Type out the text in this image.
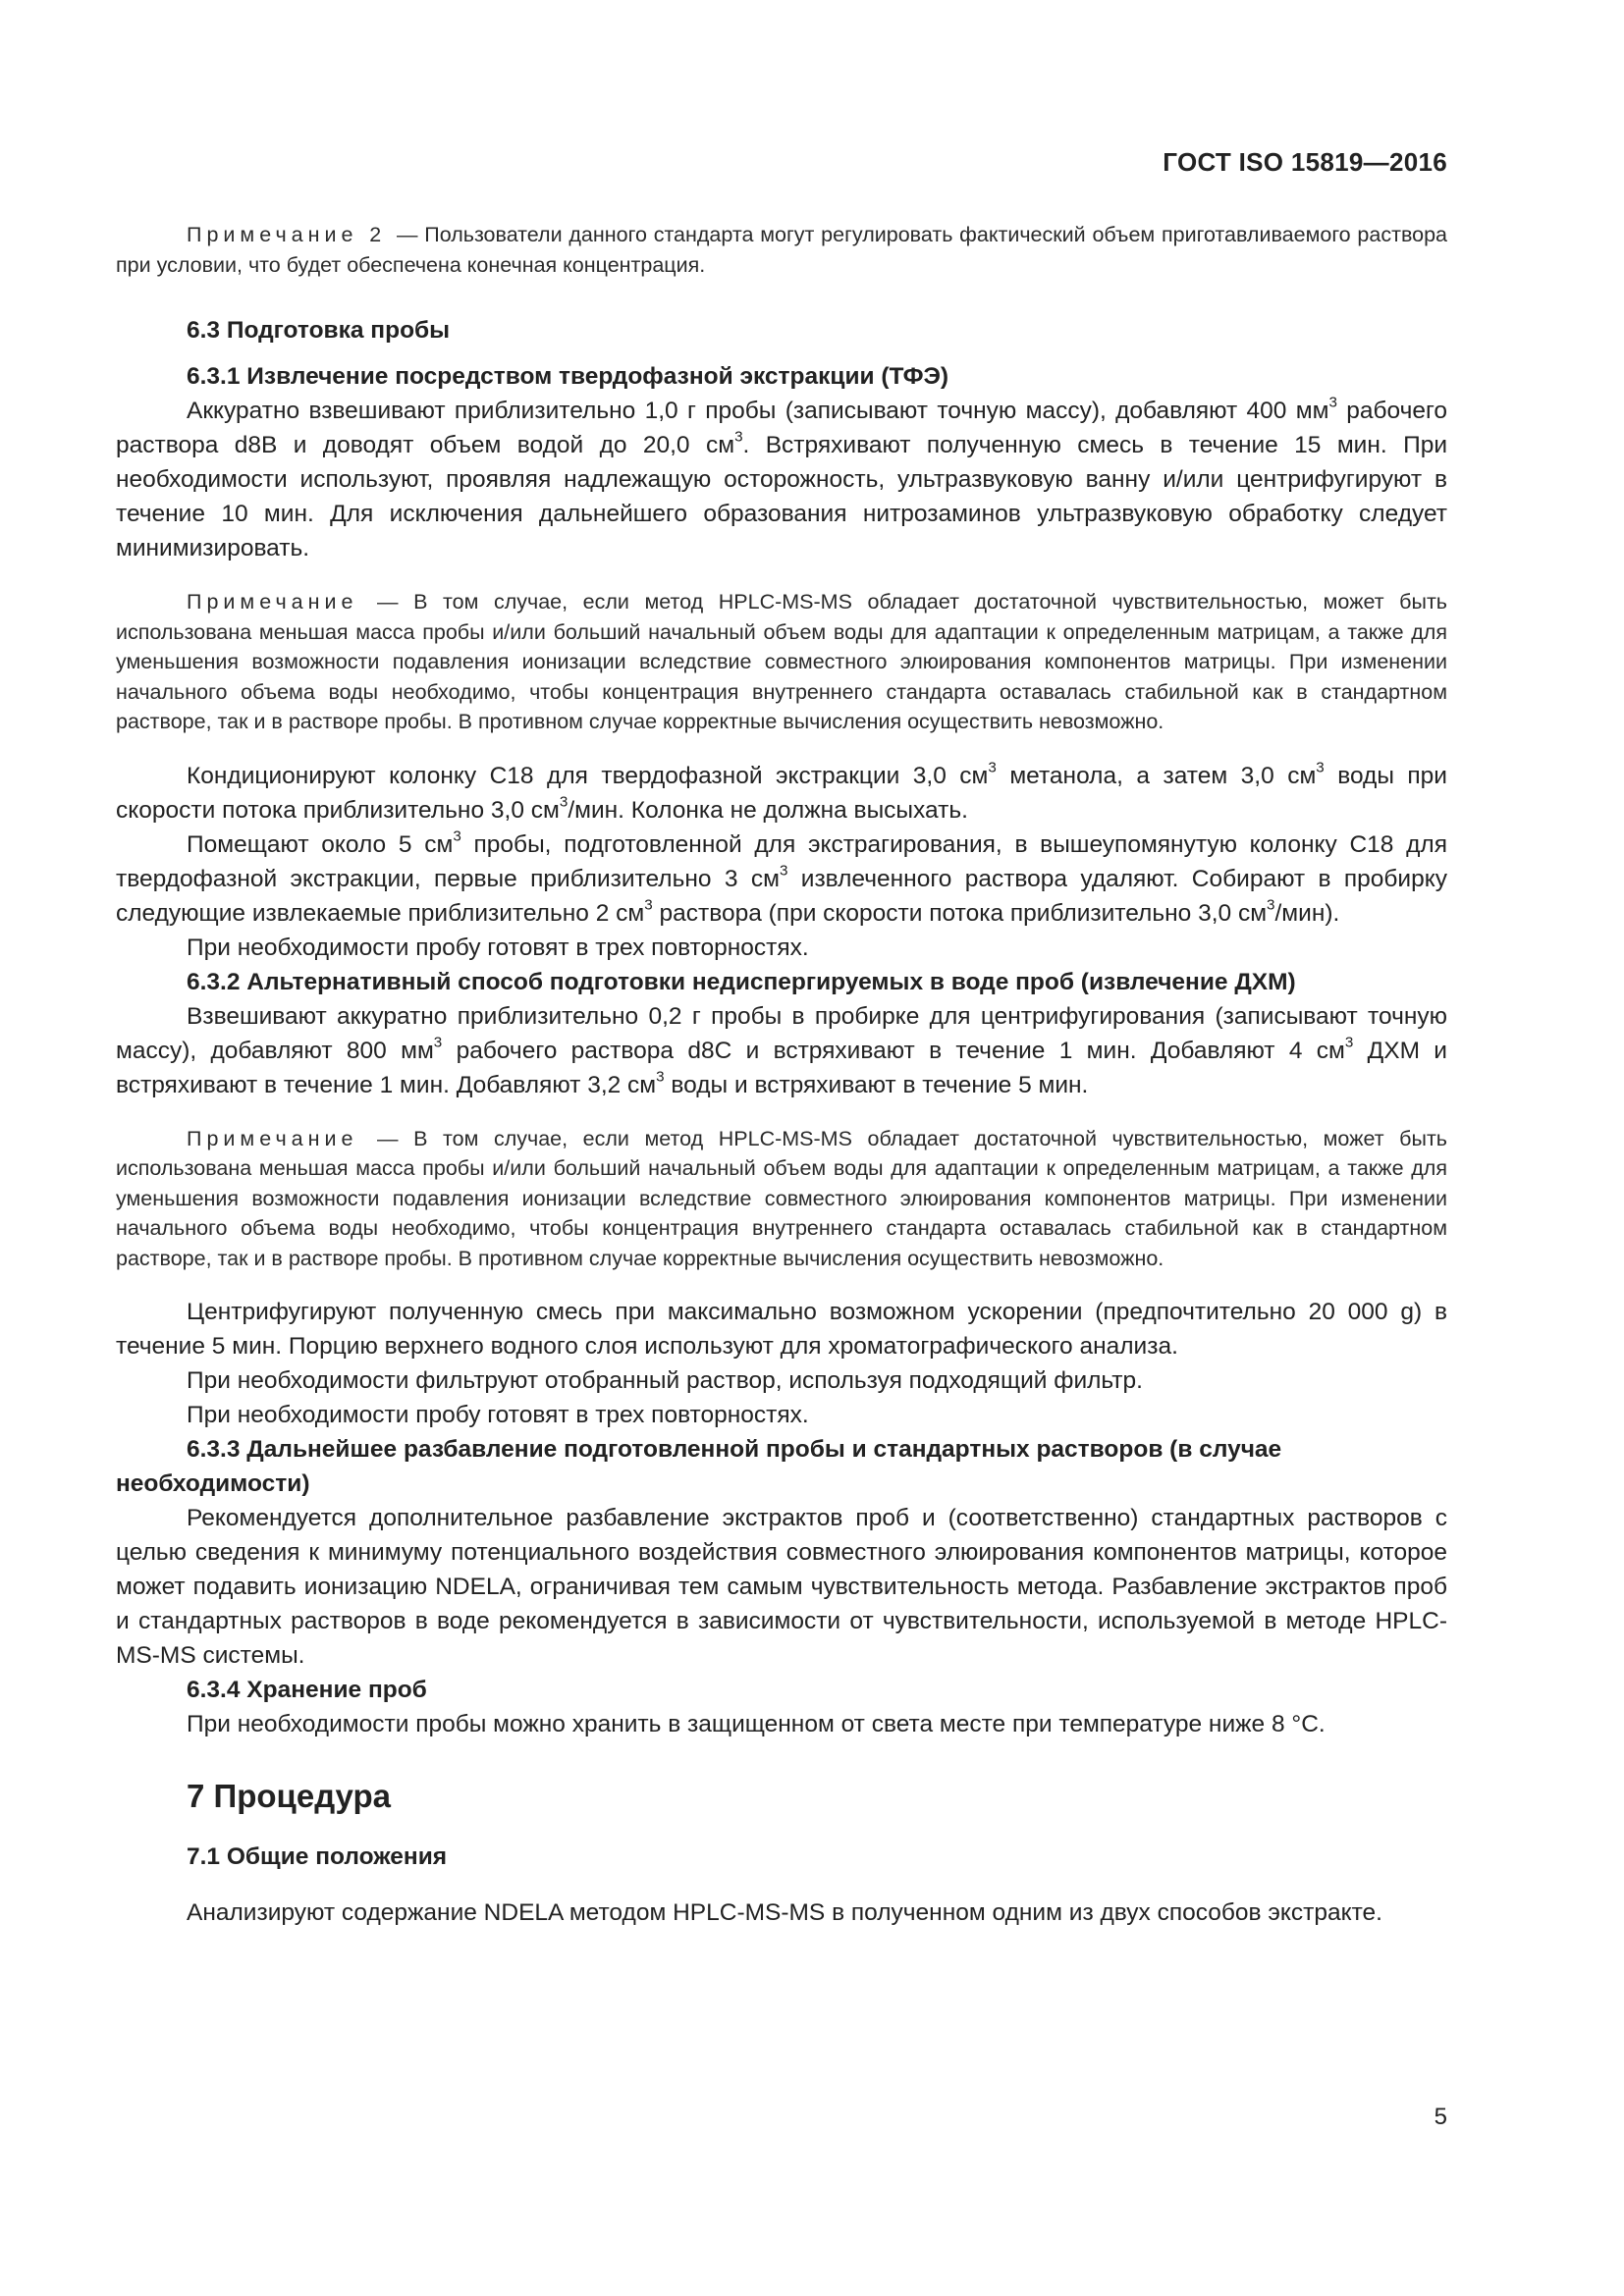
ГОСТ ISO 15819—2016

Примечание 2 — Пользователи данного стандарта могут регулировать фактический объем приготавливаемого раствора при условии, что будет обеспечена конечная концентрация.

6.3 Подготовка пробы

6.3.1 Извлечение посредством твердофазной экстракции (ТФЭ)

Аккуратно взвешивают приблизительно 1,0 г пробы (записывают точную массу), добавляют 400 $мм^3$ рабочего раствора d8B и доводят объем водой до 20,0 $см^3$. Встряхивают полученную смесь в течение 15 мин. При необходимости используют, проявляя надлежащую осторожность, ультразвуковую ванну и/или центрифугируют в течение 10 мин. Для исключения дальнейшего образования нитрозаминов ультразвуковую обработку следует минимизировать.

Примечание — В том случае, если метод HPLC-MS-MS обладает достаточной чувствительностью, может быть использована меньшая масса пробы и/или больший начальный объем воды для адаптации к определенным матрицам, а также для уменьшения возможности подавления ионизации вследствие совместного элюирования компонентов матрицы. При изменении начального объема воды необходимо, чтобы концентрация внутреннего стандарта оставалась стабильной как в стандартном растворе, так и в растворе пробы. В противном случае корректные вычисления осуществить невозможно.

Кондиционируют колонку С18 для твердофазной экстракции 3,0 $см^3$ метанола, а затем 3,0 $см^3$ воды при скорости потока приблизительно 3,0 $см^3$/мин. Колонка не должна высыхать.

Помещают около 5 $см^3$ пробы, подготовленной для экстрагирования, в вышеупомянутую колонку С18 для твердофазной экстракции, первые приблизительно 3 $см^3$ извлеченного раствора удаляют. Собирают в пробирку следующие извлекаемые приблизительно 2 $см^3$ раствора (при скорости потока приблизительно 3,0 $см^3/мин$).

При необходимости пробу готовят в трех повторностях.

6.3.2 Альтернативный способ подготовки недиспергируемых в воде проб (извлечение ДХМ)

Взвешивают аккуратно приблизительно 0,2 г пробы в пробирке для центрифугирования (записывают точную массу), добавляют 800 $мм^3$ рабочего раствора d8C и встряхивают в течение 1 мин. Добавляют 4 $см^3$ ДХМ и встряхивают в течение 1 мин. Добавляют 3,2 $см^3$ воды и встряхивают в течение 5 мин.

Примечание — В том случае, если метод HPLC-MS-MS обладает достаточной чувствительностью, может быть использована меньшая масса пробы и/или больший начальный объем воды для адаптации к определенным матрицам, а также для уменьшения возможности подавления ионизации вследствие совместного элюирования компонентов матрицы. При изменении начального объема воды необходимо, чтобы концентрация внутреннего стандарта оставалась стабильной как в стандартном растворе, так и в растворе пробы. В противном случае корректные вычисления осуществить невозможно.

Центрифугируют полученную смесь при максимально возможном ускорении (предпочтительно 20 000 g) в течение 5 мин. Порцию верхнего водного слоя используют для хроматографического анализа.

При необходимости фильтруют отобранный раствор, используя подходящий фильтр.

При необходимости пробу готовят в трех повторностях.

6.3.3 Дальнейшее разбавление подготовленной пробы и стандартных растворов (в случае необходимости)

Рекомендуется дополнительное разбавление экстрактов проб и (соответственно) стандартных растворов с целью сведения к минимуму потенциального воздействия совместного элюирования компонентов матрицы, которое может подавить ионизацию NDELA, ограничивая тем самым чувствительность метода. Разбавление экстрактов проб и стандартных растворов в воде рекомендуется в зависимости от чувствительности, используемой в методе HPLC-MS-MS системы.

6.3.4 Хранение проб

При необходимости пробы можно хранить в защищенном от света месте при температуре ниже 8 °С.

7 Процедура

7.1 Общие положения

Анализируют содержание NDELA методом HPLC-MS-MS в полученном одним из двух способов экстракте.

5
